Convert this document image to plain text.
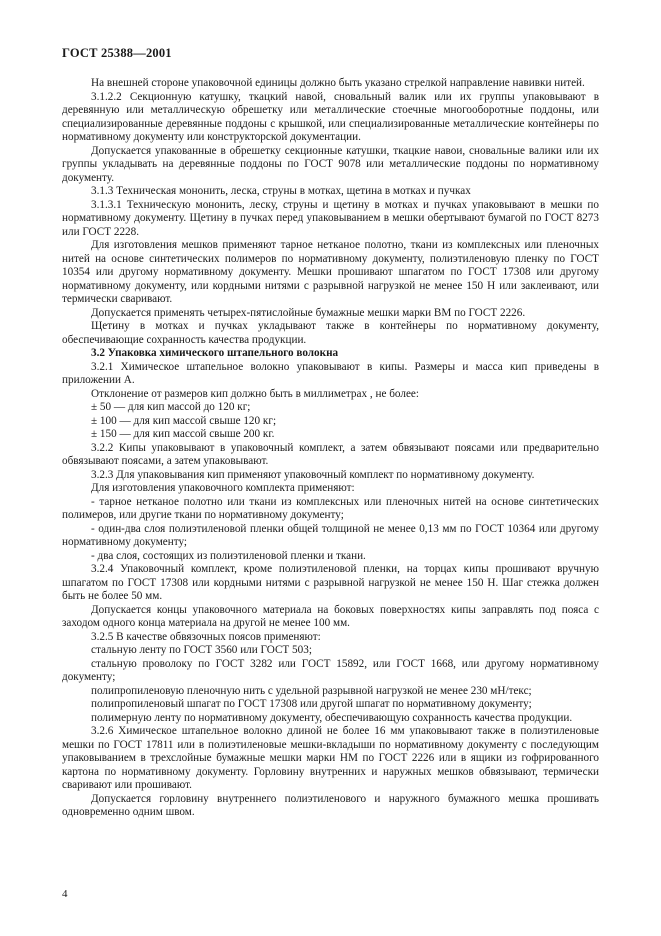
ГОСТ 25388—2001

На внешней стороне упаковочной единицы должно быть указано стрелкой направление навивки нитей.

3.1.2.2 Секционную катушку, ткацкий навой, сновальный валик или их группы упаковывают в деревянную или металлическую обрешетку или металлические стоечные многооборотные поддоны, или специализированные деревянные поддоны с крышкой, или специализированные металлические контейнеры по нормативному документу или конструкторской документации.

Допускается упакованные в обрешетку секционные катушки, ткацкие навои, сновальные валики или их группы укладывать на деревянные поддоны по ГОСТ 9078 или металлические поддоны по нормативному документу.

3.1.3 Техническая мононить, леска, струны в мотках, щетина в мотках и пучках

3.1.3.1 Техническую мононить, леску, струны и щетину в мотках и пучках упаковывают в мешки по нормативному документу. Щетину в пучках перед упаковыванием в мешки обертывают бумагой по ГОСТ 8273 или ГОСТ 2228.

Для изготовления мешков применяют тарное нетканое полотно, ткани из комплексных или пленочных нитей на основе синтетических полимеров по нормативному документу, полиэтиленовую пленку по ГОСТ 10354 или другому нормативному документу. Мешки прошивают шпагатом по ГОСТ 17308 или другому нормативному документу, или кордными нитями с разрывной нагрузкой не менее 150 Н или заклеивают, или термически сваривают.

Допускается применять четырех-пятислойные бумажные мешки марки ВМ по ГОСТ 2226.

Щетину в мотках и пучках укладывают также в контейнеры по нормативному документу, обеспечивающие сохранность качества продукции.

3.2 Упаковка химического штапельного волокна

3.2.1 Химическое штапельное волокно упаковывают в кипы. Размеры и масса кип приведены в приложении А.

Отклонение от размеров кип должно быть в миллиметрах , не более:

± 50 — для кип массой до 120 кг;

± 100 — для кип массой свыше 120 кг;

± 150 — для кип массой свыше 200 кг.

3.2.2 Кипы упаковывают в упаковочный комплект, а затем обвязывают поясами или предварительно обвязывают поясами, а затем упаковывают.

3.2.3 Для упаковывания кип применяют упаковочный комплект по нормативному документу.

Для изготовления упаковочного комплекта применяют:

- тарное нетканое полотно или ткани из комплексных или пленочных нитей на основе синтетических полимеров, или другие ткани по нормативному документу;

- один-два слоя полиэтиленовой пленки общей толщиной не менее 0,13 мм по ГОСТ 10364 или другому нормативному документу;

- два слоя, состоящих из полиэтиленовой пленки и ткани.

3.2.4 Упаковочный комплект, кроме полиэтиленовой пленки, на торцах кипы прошивают вручную шпагатом по ГОСТ 17308 или кордными нитями с разрывной нагрузкой не менее 150 Н. Шаг стежка должен быть не более 50 мм.

Допускается концы упаковочного материала на боковых поверхностях кипы заправлять под пояса с заходом одного конца материала на другой не менее 100 мм.

3.2.5 В качестве обвязочных поясов применяют:

стальную ленту по ГОСТ 3560 или ГОСТ 503;

стальную проволоку по ГОСТ 3282 или ГОСТ 15892, или ГОСТ 1668, или другому нормативному документу;

полипропиленовую пленочную нить с удельной разрывной нагрузкой не менее 230 мН/текс;

полипропиленовый шпагат по ГОСТ 17308 или другой шпагат по нормативному документу;

полимерную ленту по нормативному документу, обеспечивающую сохранность качества продукции.

3.2.6 Химическое штапельное волокно длиной не более 16 мм упаковывают также в полиэтиленовые мешки по ГОСТ 17811 или в полиэтиленовые мешки-вкладыши по нормативному документу с последующим упаковыванием в трехслойные бумажные мешки марки НМ по ГОСТ 2226 или в ящики из гофрированного картона по нормативному документу. Горловину внутренних и наружных мешков обвязывают, термически сваривают или прошивают.

Допускается горловину внутреннего полиэтиленового и наружного бумажного мешка прошивать одновременно одним швом.

4
